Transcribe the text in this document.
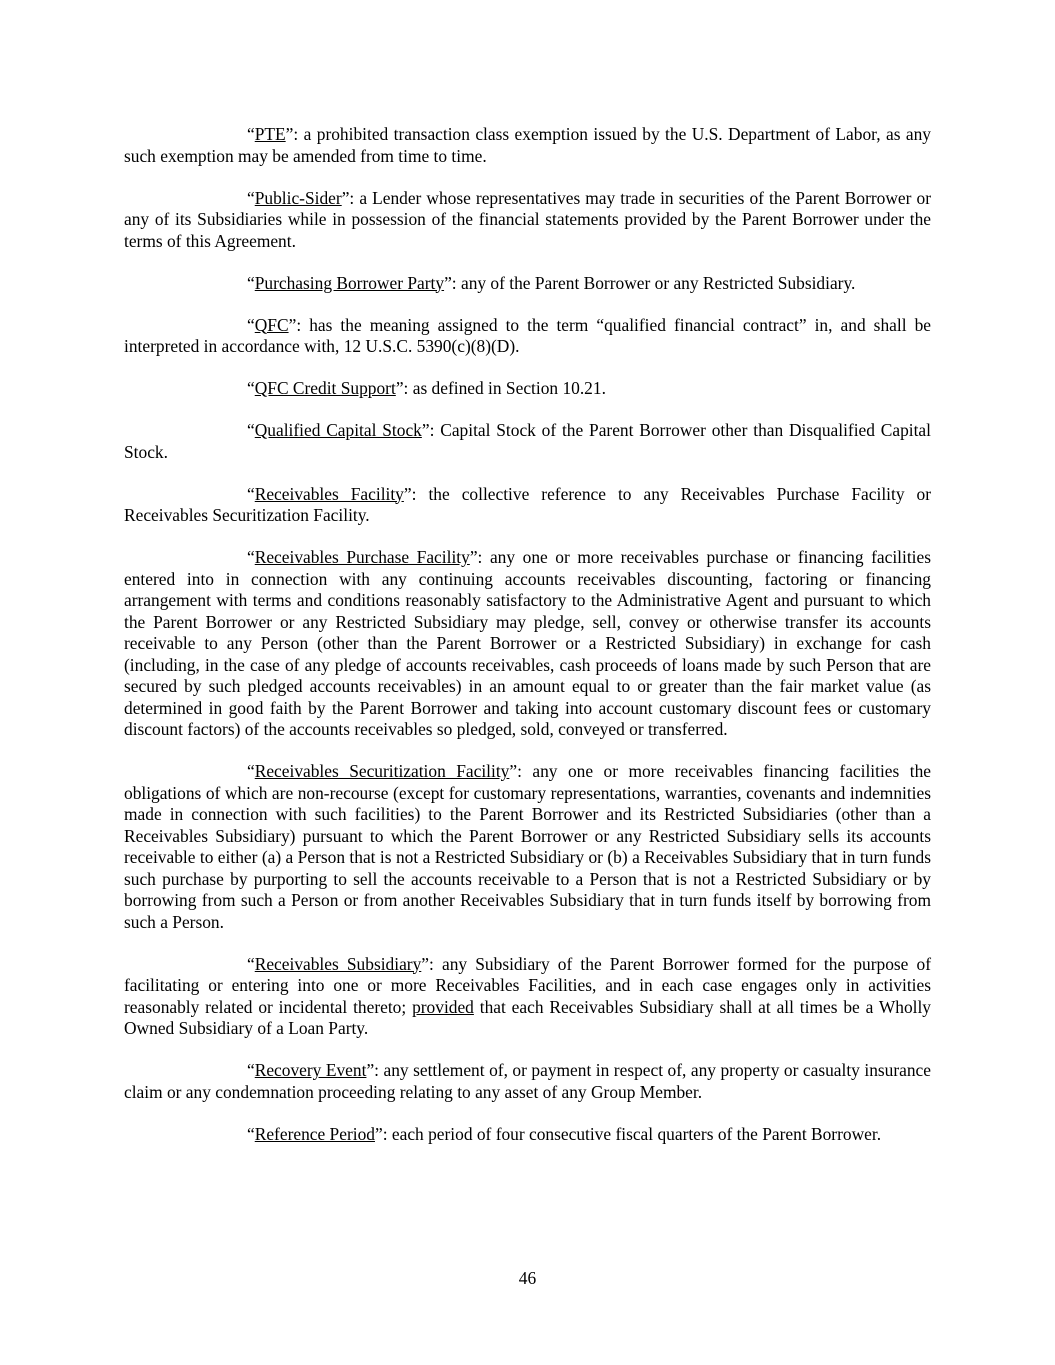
“PTE”: a prohibited transaction class exemption issued by the U.S. Department of Labor, as any such exemption may be amended from time to time.

“Public-Sider”: a Lender whose representatives may trade in securities of the Parent Borrower or any of its Subsidiaries while in possession of the financial statements provided by the Parent Borrower under the terms of this Agreement.

“Purchasing Borrower Party”: any of the Parent Borrower or any Restricted Subsidiary.

“QFC”: has the meaning assigned to the term “qualified financial contract” in, and shall be interpreted in accordance with, 12 U.S.C. 5390(c)(8)(D).

“QFC Credit Support”: as defined in Section 10.21.

“Qualified Capital Stock”: Capital Stock of the Parent Borrower other than Disqualified Capital Stock.

“Receivables Facility”: the collective reference to any Receivables Purchase Facility or Receivables Securitization Facility.

“Receivables Purchase Facility”: any one or more receivables purchase or financing facilities entered into in connection with any continuing accounts receivables discounting, factoring or financing arrangement with terms and conditions reasonably satisfactory to the Administrative Agent and pursuant to which the Parent Borrower or any Restricted Subsidiary may pledge, sell, convey or otherwise transfer its accounts receivable to any Person (other than the Parent Borrower or a Restricted Subsidiary) in exchange for cash (including, in the case of any pledge of accounts receivables, cash proceeds of loans made by such Person that are secured by such pledged accounts receivables) in an amount equal to or greater than the fair market value (as determined in good faith by the Parent Borrower and taking into account customary discount fees or customary discount factors) of the accounts receivables so pledged, sold, conveyed or transferred.

“Receivables Securitization Facility”: any one or more receivables financing facilities the obligations of which are non-recourse (except for customary representations, warranties, covenants and indemnities made in connection with such facilities) to the Parent Borrower and its Restricted Subsidiaries (other than a Receivables Subsidiary) pursuant to which the Parent Borrower or any Restricted Subsidiary sells its accounts receivable to either (a) a Person that is not a Restricted Subsidiary or (b) a Receivables Subsidiary that in turn funds such purchase by purporting to sell the accounts receivable to a Person that is not a Restricted Subsidiary or by borrowing from such a Person or from another Receivables Subsidiary that in turn funds itself by borrowing from such a Person.

“Receivables Subsidiary”: any Subsidiary of the Parent Borrower formed for the purpose of facilitating or entering into one or more Receivables Facilities, and in each case engages only in activities reasonably related or incidental thereto; provided that each Receivables Subsidiary shall at all times be a Wholly Owned Subsidiary of a Loan Party.

“Recovery Event”: any settlement of, or payment in respect of, any property or casualty insurance claim or any condemnation proceeding relating to any asset of any Group Member.

“Reference Period”: each period of four consecutive fiscal quarters of the Parent Borrower.

46
